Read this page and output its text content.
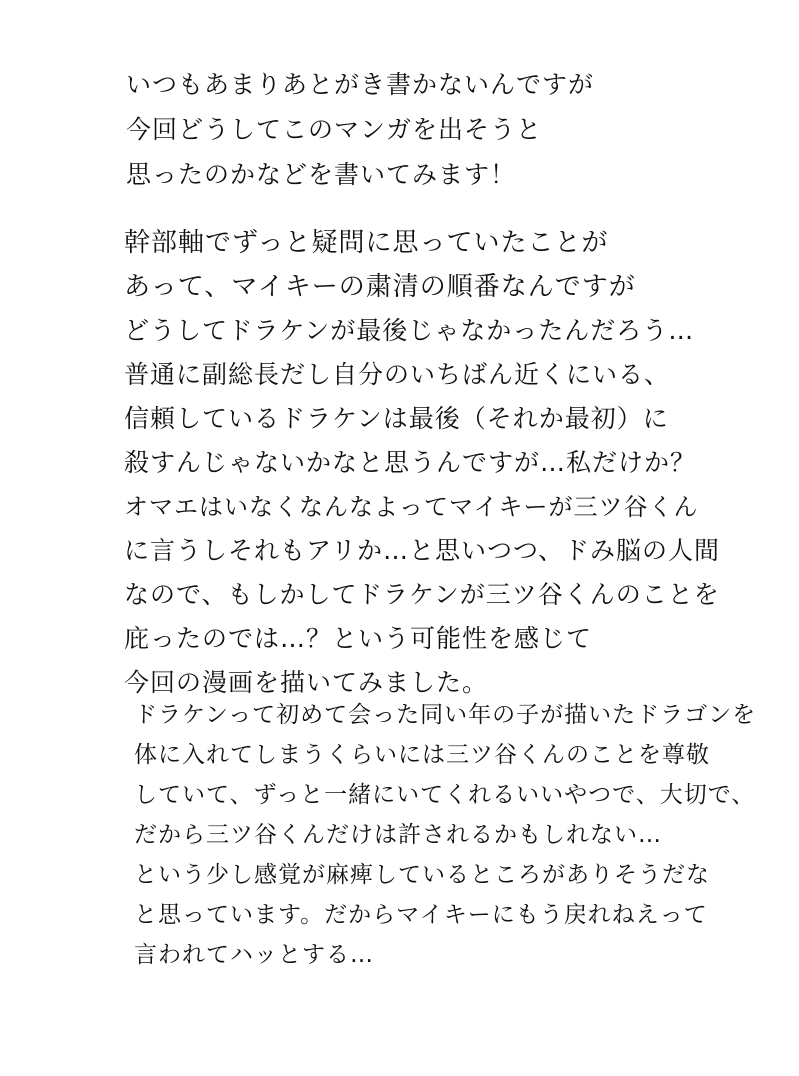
いつもあまりあとがき書かないんですが
今回どうしてこのマンガを出そうと
思ったのかなどを書いてみます！
幹部軸でずっと疑問に思っていたことが
あって、マイキーの粛清の順番なんですが
どうしてドラケンが最後じゃなかったんだろう…
普通に副総長だし自分のいちばん近くにいる、
信頼しているドラケンは最後（それか最初）に
殺すんじゃないかなと思うんですが…私だけか？
オマエはいなくなんなよってマイキーが三ツ谷くん
に言うしそれもアリか…と思いつつ、ドみ脳の人間
なので、もしかしてドラケンが三ツ谷くんのことを
庇ったのでは…？という可能性を感じて
今回の漫画を描いてみました。
ドラケンって初めて会った同い年の子が描いたドラゴンを
体に入れてしまうくらいには三ツ谷くんのことを尊敬
していて、ずっと一緒にいてくれるいいやつで、大切で、
だから三ツ谷くんだけは許されるかもしれない…
という少し感覚が麻痺しているところがありそうだな
と思っています。だからマイキーにもう戻れねえって
言われてハッとする…
